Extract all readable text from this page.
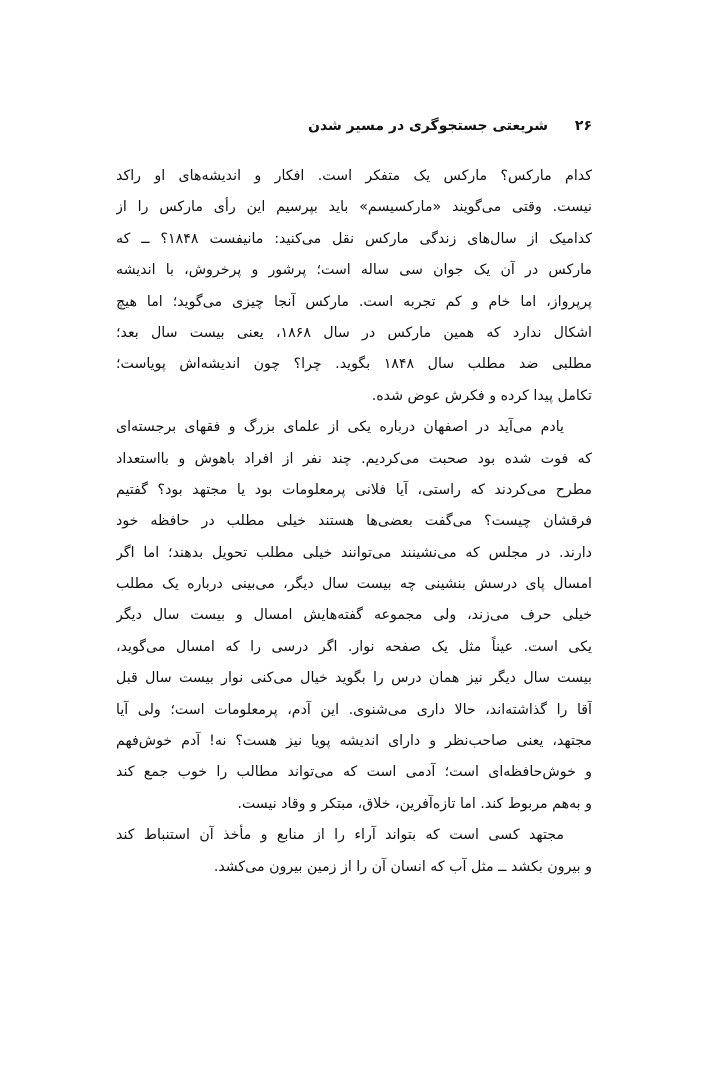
۲۶
شریعتی جستجوگری در مسیر شدن
کدام مارکس؟ مارکس یک متفکر است. افکار و اندیشه‌های او راکد
نیست. وقتی می‌گویند «مارکسیسم» باید بپرسیم این رأی مارکس را از
کدامیک از سال‌های زندگی مارکس نقل می‌کنید: مانیفست ۱۸۴۸؟ ــ که
مارکس در آن یک جوان سی ساله است؛ پرشور و پرخروش، با اندیشه
پرپرواز، اما خام و کم تجربه است. مارکس آنجا چیزی می‌گوید؛ اما هیچ
اشکال ندارد که همین مارکس در سال ۱۸۶۸، یعنی بیست سال بعد؛
مطلبی ضد مطلب سال ۱۸۴۸ بگوید. چرا؟ چون اندیشه‌اش پویاست؛
تکامل پیدا کرده و فکرش عوض شده.
یادم می‌آید در اصفهان درباره یکی از علمای بزرگ و فقهای برجسته‌ای
که فوت شده بود صحبت می‌کردیم. چند نفر از افراد باهوش و بااستعداد
مطرح می‌کردند که راستی، آیا فلانی پرمعلومات بود یا مجتهد بود؟ گفتیم
فرقشان چیست؟ می‌گفت بعضی‌ها هستند خیلی مطلب در حافظه خود
دارند. در مجلس که می‌نشینند می‌توانند خیلی مطلب تحویل بدهند؛ اما اگر
امسال پای درسش بنشینی چه بیست سال دیگر، می‌بینی درباره یک مطلب
خیلی حرف می‌زند، ولی مجموعه گفته‌هایش امسال و بیست سال دیگر
یکی است. عیناً مثل یک صفحه نوار. اگر درسی را که امسال می‌گوید،
بیست سال دیگر نیز همان درس را بگوید خیال می‌کنی نوار بیست سال قبل
آقا را گذاشته‌اند، حالا داری می‌شنوی. این آدم، پرمعلومات است؛ ولی آیا
مجتهد، یعنی صاحب‌نظر و دارای اندیشه پویا نیز هست؟ نه! آدم خوش‌فهم
و خوش‌حافظه‌ای است؛ آدمی است که می‌تواند مطالب را خوب جمع کند
و به‌هم مربوط کند. اما تازه‌آفرین، خلاق، مبتکر و وقاد نیست.
مجتهد کسی است که بتواند آراء را از منابع و مأخذ آن استنباط کند
و بیرون بکشد ــ مثل آب که انسان آن را از زمین بیرون می‌کشد.
